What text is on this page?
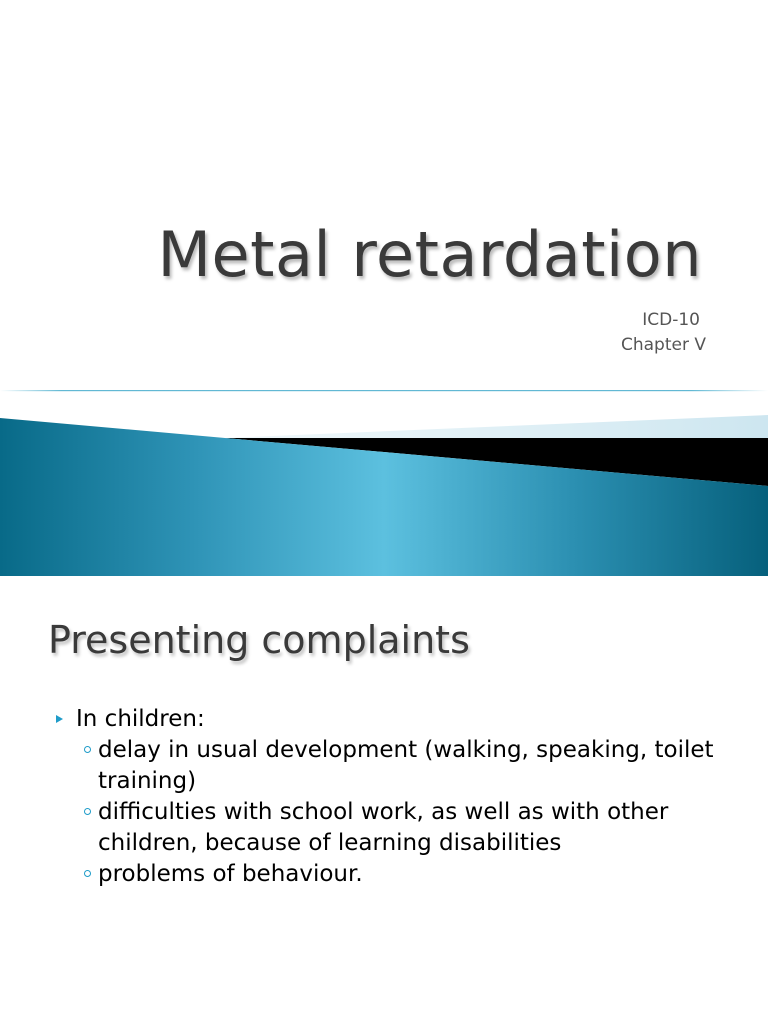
Metal retardation
ICD-10
Chapter V
Presenting complaints
In children:
delay in usual development (walking, speaking, toilet training)
difficulties with school work, as well as with other children, because of learning disabilities
problems of behaviour.
